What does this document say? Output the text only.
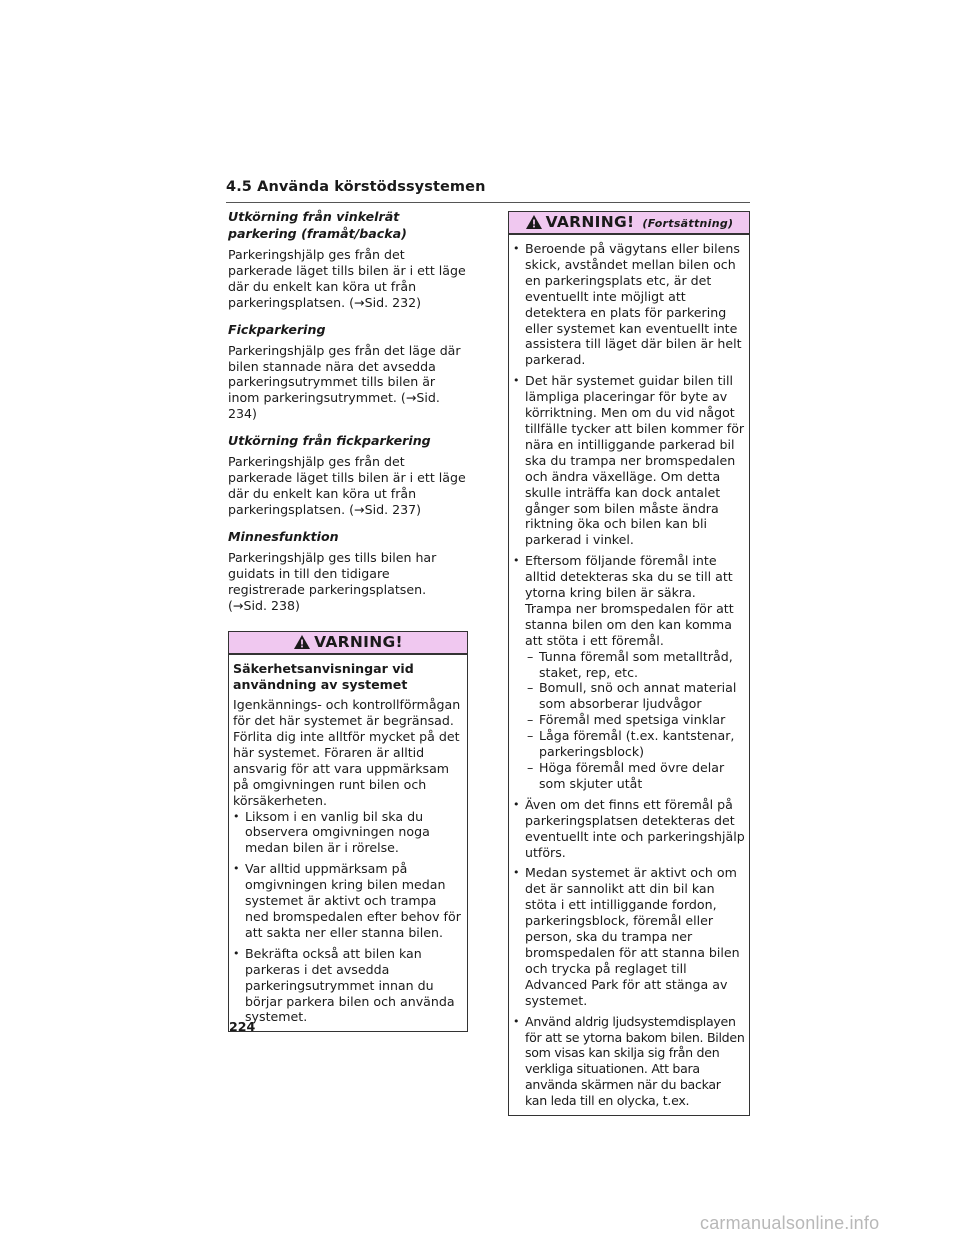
4.5 Använda körstödssystemen

Utkörning från vinkelrät parkering (framåt/backa)

Parkeringshjälp ges från det parkerade läget tills bilen är i ett läge där du enkelt kan köra ut från parkeringsplatsen. (→Sid. 232)

Fickparkering

Parkeringshjälp ges från det läge där bilen stannade nära det avsedda parkeringsutrymmet tills bilen är inom parkeringsutrymmet. (→Sid. 234)

Utkörning från fickparkering

Parkeringshjälp ges från det parkerade läget tills bilen är i ett läge där du enkelt kan köra ut från parkeringsplatsen. (→Sid. 237)

Minnesfunktion

Parkeringshjälp ges tills bilen har guidats in till den tidigare registrerade parkeringsplatsen. (→Sid. 238)

VARNING!

Säkerhetsanvisningar vid användning av systemet

Igenkännings- och kontrollförmågan för det här systemet är begränsad. Förlita dig inte alltför mycket på det här systemet. Föraren är alltid ansvarig för att vara uppmärksam på omgivningen runt bilen och körsäkerheten.

• Liksom i en vanlig bil ska du observera omgivningen noga medan bilen är i rörelse.
• Var alltid uppmärksam på omgivningen kring bilen medan systemet är aktivt och trampa ned bromspedalen efter behov för att sakta ner eller stanna bilen.
• Bekräfta också att bilen kan parkeras i det avsedda parkeringsutrymmet innan du börjar parkera bilen och använda systemet.
VARNING! (Fortsättning)
• Beroende på vägytans eller bilens skick, avståndet mellan bilen och en parkeringsplats etc, är det eventuellt inte möjligt att detektera en plats för parkering eller systemet kan eventuellt inte assistera till läget där bilen är helt parkerad.
• Det här systemet guidar bilen till lämpliga placeringar för byte av körriktning. Men om du vid något tillfälle tycker att bilen kommer för nära en intilliggande parkerad bil ska du trampa ner bromspedalen och ändra växelläge. Om detta skulle inträffa kan dock antalet gånger som bilen måste ändra riktning öka och bilen kan bli parkerad i vinkel.
• Eftersom följande föremål inte alltid detekteras ska du se till att ytorna kring bilen är säkra. Trampa ner bromspedalen för att stanna bilen om den kan komma att stöta i ett föremål.
– Tunna föremål som metalltråd, staket, rep, etc.
– Bomull, snö och annat material som absorberar ljudvågor
– Föremål med spetsiga vinklar
– Låga föremål (t.ex. kantstenar, parkeringsblock)
– Höga föremål med övre delar som skjuter utåt
• Även om det finns ett föremål på parkeringsplatsen detekteras det eventuellt inte och parkeringshjälp utförs.
• Medan systemet är aktivt och om det är sannolikt att din bil kan stöta i ett intilliggande fordon, parkeringsblock, föremål eller person, ska du trampa ner bromspedalen för att stanna bilen och trycka på reglaget till Advanced Park för att stänga av systemet.
• Använd aldrig ljudsystemdisplayen för att se ytorna bakom bilen. Bilden som visas kan skilja sig från den verkliga situationen. Att bara använda skärmen när du backar kan leda till en olycka, t.ex.
224
carmanualsonline.info
